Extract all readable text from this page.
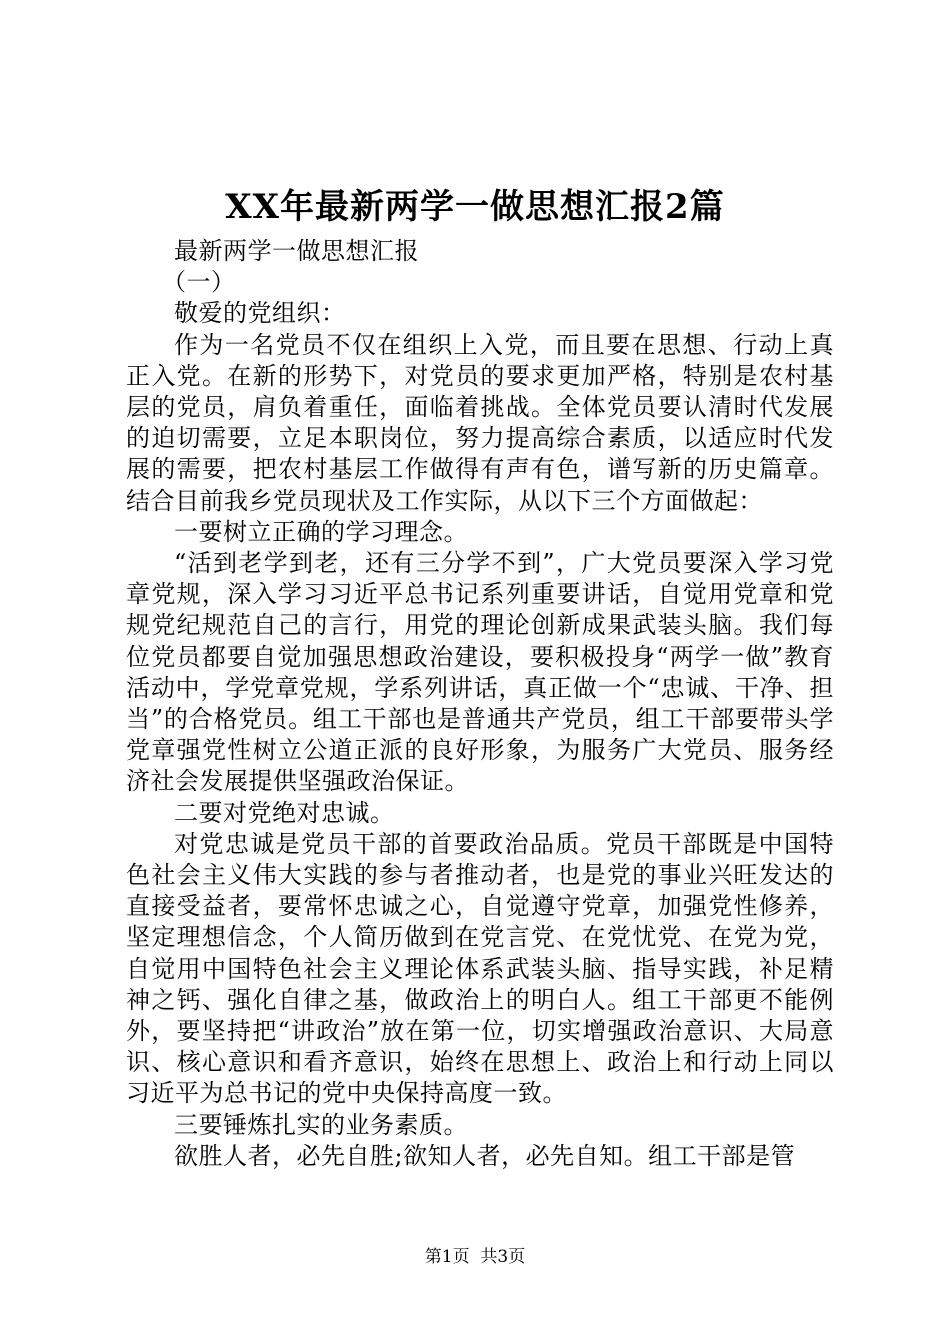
XX年最新两学一做思想汇报2篇

最新两学一做思想汇报

（一）

敬爱的党组织：

作为一名党员不仅在组织上入党，而且要在思想、行动上真正入党。在新的形势下，对党员的要求更加严格，特别是农村基层的党员，肩负着重任，面临着挑战。全体党员要认清时代发展的迫切需要，立足本职岗位，努力提高综合素质，以适应时代发展的需要，把农村基层工作做得有声有色，谱写新的历史篇章。结合目前我乡党员现状及工作实际，从以下三个方面做起：

一要树立正确的学习理念。

“活到老学到老，还有三分学不到”，广大党员要深入学习党章党规，深入学习习近平总书记系列重要讲话，自觉用党章和党规党纪规范自己的言行，用党的理论创新成果武装头脑。我们每位党员都要自觉加强思想政治建设，要积极投身“两学一做”教育活动中，学党章党规，学系列讲话，真正做一个“忠诚、干净、担当”的合格党员。组工干部也是普通共产党员，组工干部要带头学党章强党性树立公道正派的良好形象，为服务广大党员、服务经济社会发展提供坚强政治保证。

二要对党绝对忠诚。

对党忠诚是党员干部的首要政治品质。党员干部既是中国特色社会主义伟大实践的参与者推动者，也是党的事业兴旺发达的直接受益者，要常怀忠诚之心，自觉遵守党章，加强党性修养，坚定理想信念，个人简历做到在党言党、在党忧党、在党为党，自觉用中国特色社会主义理论体系武装头脑、指导实践，补足精神之钙、强化自律之基，做政治上的明白人。组工干部更不能例外，要坚持把“讲政治”放在第一位，切实增强政治意识、大局意识、核心意识和看齐意识，始终在思想上、政治上和行动上同以习近平为总书记的党中央保持高度一致。

三要锤炼扎实的业务素质。

欲胜人者，必先自胜;欲知人者，必先自知。组工干部是管

第1页 共3页
